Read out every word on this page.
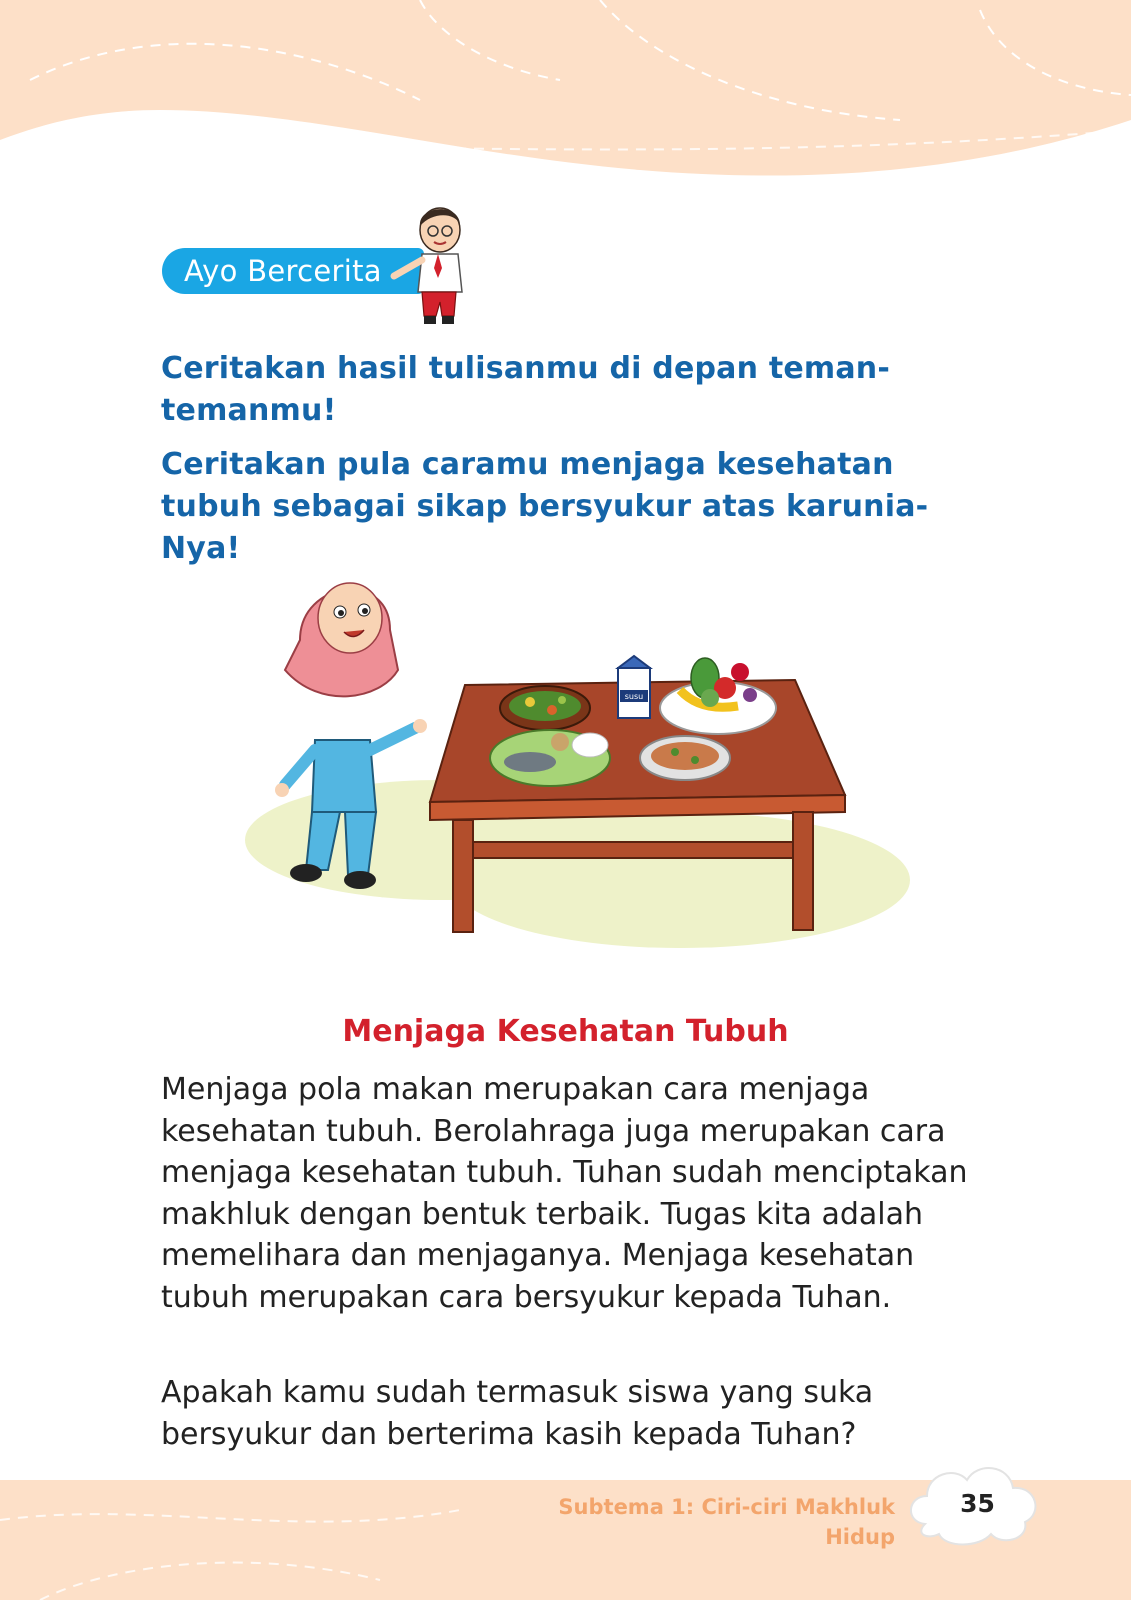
Ayo Bercerita

Ceritakan hasil tulisanmu di depan teman-temanmu!

Ceritakan pula caramu menjaga kesehatan tubuh sebagai sikap bersyukur atas karunia-Nya!

susu

Menjaga Kesehatan Tubuh

Menjaga pola makan merupakan cara menjaga kesehatan tubuh. Berolahraga juga merupakan cara menjaga kesehatan tubuh. Tuhan sudah menciptakan makhluk dengan bentuk terbaik. Tugas kita adalah memelihara dan menjaganya. Menjaga kesehatan tubuh merupakan cara bersyukur kepada Tuhan.

Apakah kamu sudah termasuk siswa yang suka bersyukur dan berterima kasih kepada Tuhan?

Subtema 1: Ciri-ciri Makhluk Hidup
35
